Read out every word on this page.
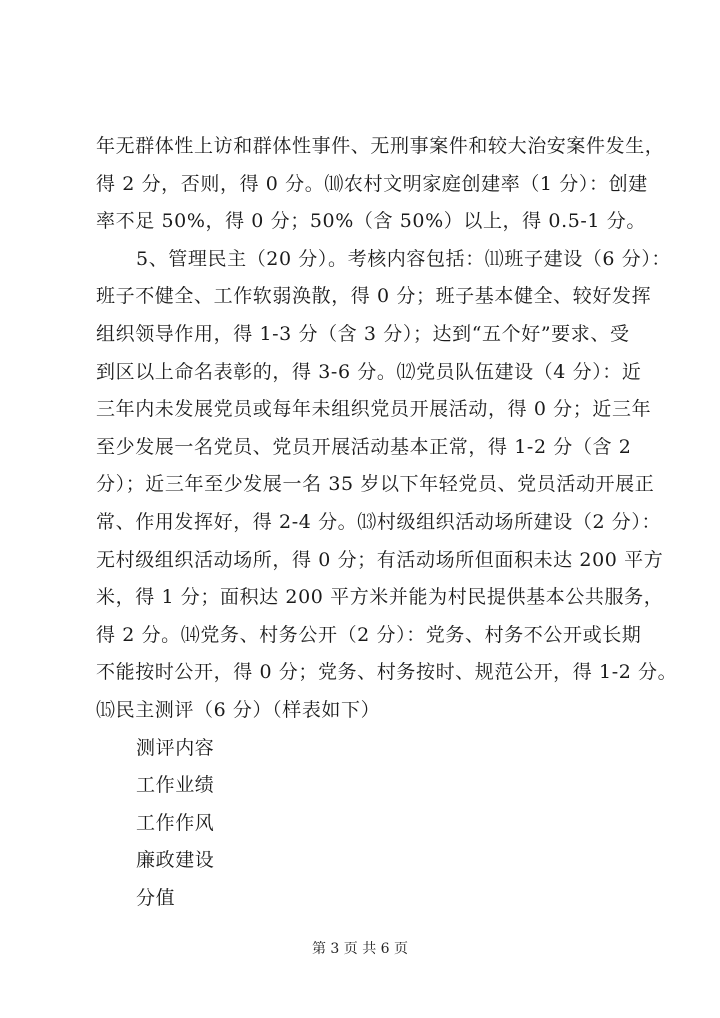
年无群体性上访和群体性事件、无刑事案件和较大治安案件发生，
得 2 分，否则，得 0 分。⑽农村文明家庭创建率（1 分）：创建
率不足 50%，得 0 分；50%（含 50%）以上，得 0.5-1 分。
5、管理民主（20 分）。考核内容包括：⑾班子建设（6 分）：
班子不健全、工作软弱涣散，得 0 分；班子基本健全、较好发挥
组织领导作用，得 1-3 分（含 3 分）；达到“五个好”要求、受
到区以上命名表彰的，得 3-6 分。⑿党员队伍建设（4 分）：近
三年内未发展党员或每年未组织党员开展活动，得 0 分；近三年
至少发展一名党员、党员开展活动基本正常，得 1-2 分（含 2
分）；近三年至少发展一名 35 岁以下年轻党员、党员活动开展正
常、作用发挥好，得 2-4 分。⒀村级组织活动场所建设（2 分）：
无村级组织活动场所，得 0 分；有活动场所但面积未达 200 平方
米，得 1 分；面积达 200 平方米并能为村民提供基本公共服务，
得 2 分。⒁党务、村务公开（2 分）：党务、村务不公开或长期
不能按时公开，得 0 分；党务、村务按时、规范公开，得 1-2 分。
⒂民主测评（6 分）（样表如下）
测评内容
工作业绩
工作作风
廉政建设
分值
第 3 页 共 6 页
